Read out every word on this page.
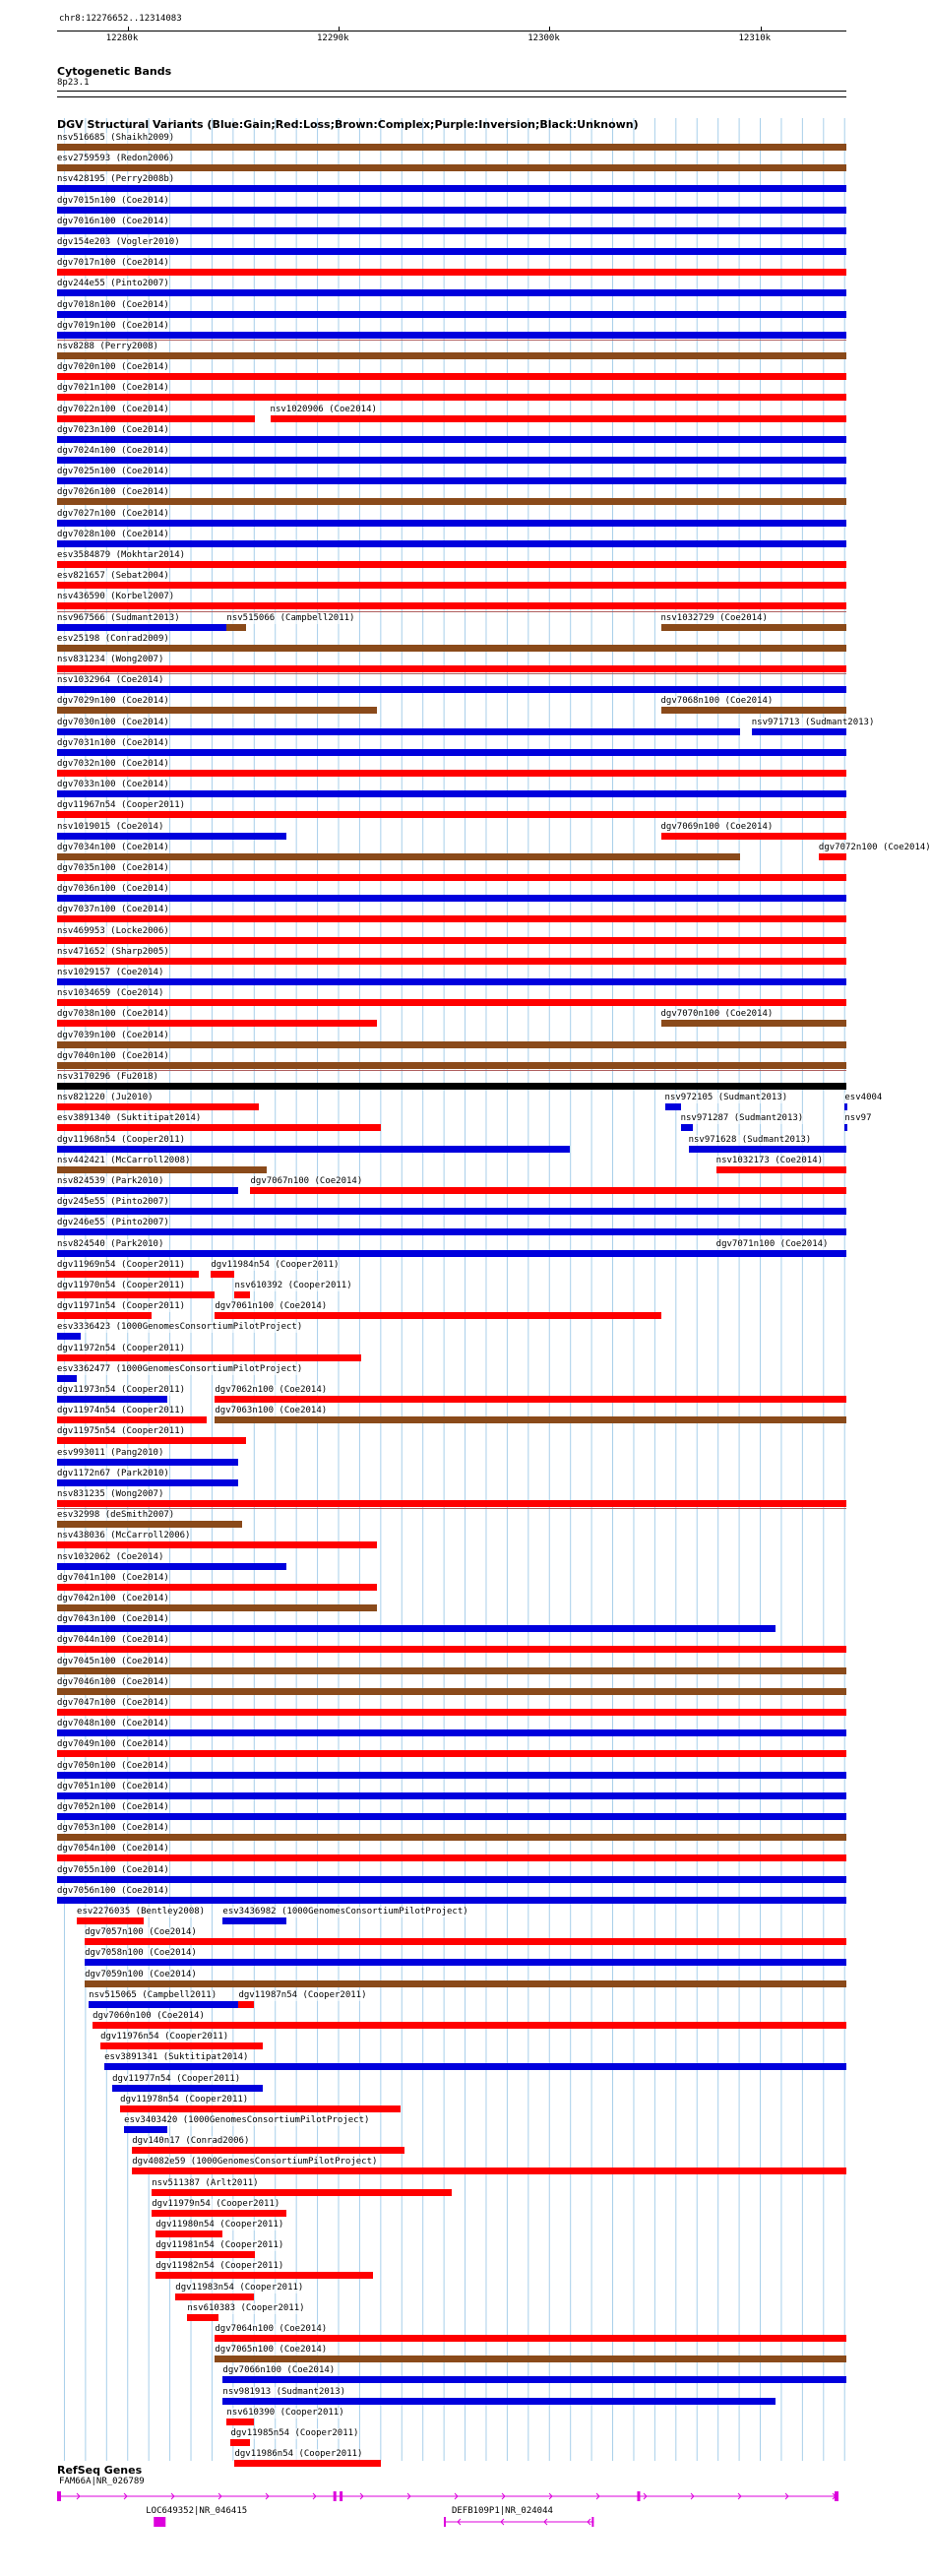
chr8:12276652..12314083
12280k	12290k	12300k	12310k
Cytogenetic Bands
8p23.1
DGV Structural Variants (Blue:Gain;Red:Loss;Brown:Complex;Purple:Inversion;Black:Unknown)
nsv516685 (Shaikh2009)
esv2759593 (Redon2006)
nsv428195 (Perry2008b)
dgv7015n100 (Coe2014)
dgv7016n100 (Coe2014)
dgv154e203 (Vogler2010)
dgv7017n100 (Coe2014)
dgv244e55 (Pinto2007)
dgv7018n100 (Coe2014)
dgv7019n100 (Coe2014)
nsv8288 (Perry2008)
dgv7020n100 (Coe2014)
dgv7021n100 (Coe2014)
dgv7022n100 (Coe2014)	nsv1020906 (Coe2014)
dgv7023n100 (Coe2014)
dgv7024n100 (Coe2014)
dgv7025n100 (Coe2014)
dgv7026n100 (Coe2014)
dgv7027n100 (Coe2014)
dgv7028n100 (Coe2014)
esv3584879 (Mokhtar2014)
esv821657 (Sebat2004)
nsv436590 (Korbel2007)
nsv967566 (Sudmant2013)	nsv515066 (Campbell2011)	nsv1032729 (Coe2014)
esv25198 (Conrad2009)
nsv831234 (Wong2007)
nsv1032964 (Coe2014)
dgv7029n100 (Coe2014)	dgv7068n100 (Coe2014)
dgv7030n100 (Coe2014)	nsv971713 (Sudmant2013)
dgv7031n100 (Coe2014)
dgv7032n100 (Coe2014)
dgv7033n100 (Coe2014)
dgv11967n54 (Cooper2011)
nsv1019015 (Coe2014)	dgv7069n100 (Coe2014)
dgv7034n100 (Coe2014)	dgv7072n100 (Coe2014)
dgv7035n100 (Coe2014)
dgv7036n100 (Coe2014)
dgv7037n100 (Coe2014)
nsv469953 (Locke2006)
nsv471652 (Sharp2005)
nsv1029157 (Coe2014)
nsv1034659 (Coe2014)
dgv7038n100 (Coe2014)	dgv7070n100 (Coe2014)
dgv7039n100 (Coe2014)
dgv7040n100 (Coe2014)
nsv3170296 (Fu2018)
nsv821220 (Ju2010)	nsv972105 (Sudmant2013)	esv4004
esv3891340 (Suktitipat2014)	nsv971287 (Sudmant2013)	nsv97
dgv11968n54 (Cooper2011)	nsv971628 (Sudmant2013)
nsv442421 (McCarroll2008)	nsv1032173 (Coe2014)
nsv824539 (Park2010)	dgv7067n100 (Coe2014)
dgv245e55 (Pinto2007)
dgv246e55 (Pinto2007)
nsv824540 (Park2010)	dgv7071n100 (Coe2014)
dgv11969n54 (Cooper2011)	dgv11984n54 (Cooper2011)
dgv11970n54 (Cooper2011)	nsv610392 (Cooper2011)
dgv11971n54 (Cooper2011)	dgv7061n100 (Coe2014)
esv3336423 (1000GenomesConsortiumPilotProject)
dgv11972n54 (Cooper2011)
esv3362477 (1000GenomesConsortiumPilotProject)
dgv11973n54 (Cooper2011)	dgv7062n100 (Coe2014)
dgv11974n54 (Cooper2011)	dgv7063n100 (Coe2014)
dgv11975n54 (Cooper2011)
esv993011 (Pang2010)
dgv1172n67 (Park2010)
nsv831235 (Wong2007)
esv32998 (deSmith2007)
nsv438036 (McCarroll2006)
nsv1032062 (Coe2014)
dgv7041n100 (Coe2014)
dgv7042n100 (Coe2014)
dgv7043n100 (Coe2014)
dgv7044n100 (Coe2014)
dgv7045n100 (Coe2014)
dgv7046n100 (Coe2014)
dgv7047n100 (Coe2014)
dgv7048n100 (Coe2014)
dgv7049n100 (Coe2014)
dgv7050n100 (Coe2014)
dgv7051n100 (Coe2014)
dgv7052n100 (Coe2014)
dgv7053n100 (Coe2014)
dgv7054n100 (Coe2014)
dgv7055n100 (Coe2014)
dgv7056n100 (Coe2014)
esv2276035 (Bentley2008) esv3436982 (1000GenomesConsortiumPilotProject)
dgv7057n100 (Coe2014)
dgv7058n100 (Coe2014)
dgv7059n100 (Coe2014)
nsv515065 (Campbell2011) dgv11987n54 (Cooper2011)
dgv7060n100 (Coe2014)
dgv11976n54 (Cooper2011)
esv3891341 (Suktitipat2014)
dgv11977n54 (Cooper2011)
dgv11978n54 (Cooper2011)
esv3403420 (1000GenomesConsortiumPilotProject)
dgv140n17 (Conrad2006)
dgv4082e59 (1000GenomesConsortiumPilotProject)
nsv511387 (Arlt2011)
dgv11979n54 (Cooper2011)
dgv11980n54 (Cooper2011)
dgv11981n54 (Cooper2011)
dgv11982n54 (Cooper2011)
dgv11983n54 (Cooper2011)
nsv610383 (Cooper2011)
dgv7064n100 (Coe2014)
dgv7065n100 (Coe2014)
dgv7066n100 (Coe2014)
nsv981913 (Sudmant2013)
nsv610390 (Cooper2011)
dgv11985n54 (Cooper2011)
dgv11986n54 (Cooper2011)
RefSeq Genes
FAM66A|NR_026789
LOC649352|NR_046415	DEFB109P1|NR_024044
